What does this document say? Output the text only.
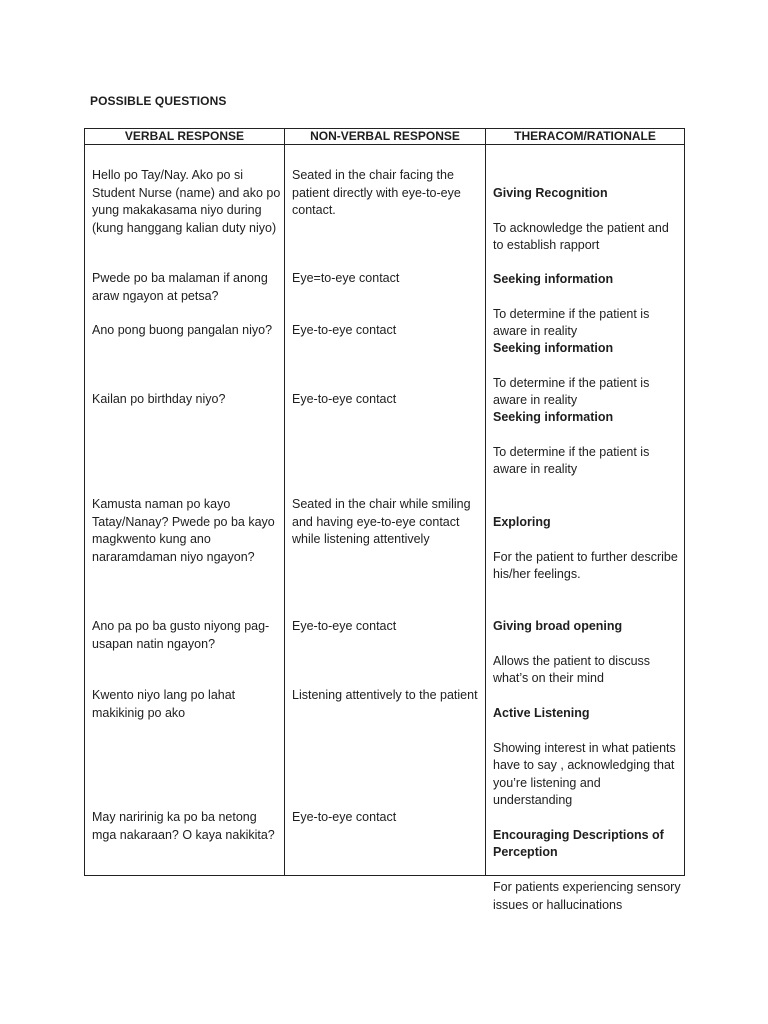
POSSIBLE QUESTIONS
VERBAL RESPONSE	NON-VERBAL RESPONSE	THERACOM/RATIONALE
Hello po Tay/Nay. Ako po si Student Nurse (name) and ako po yung makakasama niyo during (kung hanggang kalian duty niyo)
Pwede po ba malaman if anong araw ngayon at petsa?
Ano pong buong pangalan niyo?
Kailan po birthday niyo?
Kamusta naman po kayo Tatay/Nanay? Pwede po ba kayo magkwento kung ano nararamdaman niyo ngayon?
Ano pa po ba gusto niyong pag-usapan natin ngayon?
Kwento niyo lang po lahat makikinig po ako
May naririnig ka po ba netong mga nakaraan? O kaya nakikita?
Seated in the chair facing the patient directly with eye-to-eye contact.
Eye=to-eye contact
Eye-to-eye contact
Eye-to-eye contact
Seated in the chair while smiling and having eye-to-eye contact while listening attentively
Eye-to-eye contact
Listening attentively to the patient
Eye-to-eye contact

Giving Recognition

To acknowledge the patient and to establish rapport

Seeking information

To determine if the patient is aware in reality

Seeking information

To determine if the patient is aware in reality

Seeking information

To determine if the patient is aware in reality

Exploring

For the patient to further describe his/her feelings.

Giving broad opening

Allows the patient to discuss what’s on their mind

Active Listening

Showing interest in what patients have to say , acknowledging that you’re listening and understanding

Encouraging Descriptions of Perception

For patients experiencing sensory issues or hallucinations
